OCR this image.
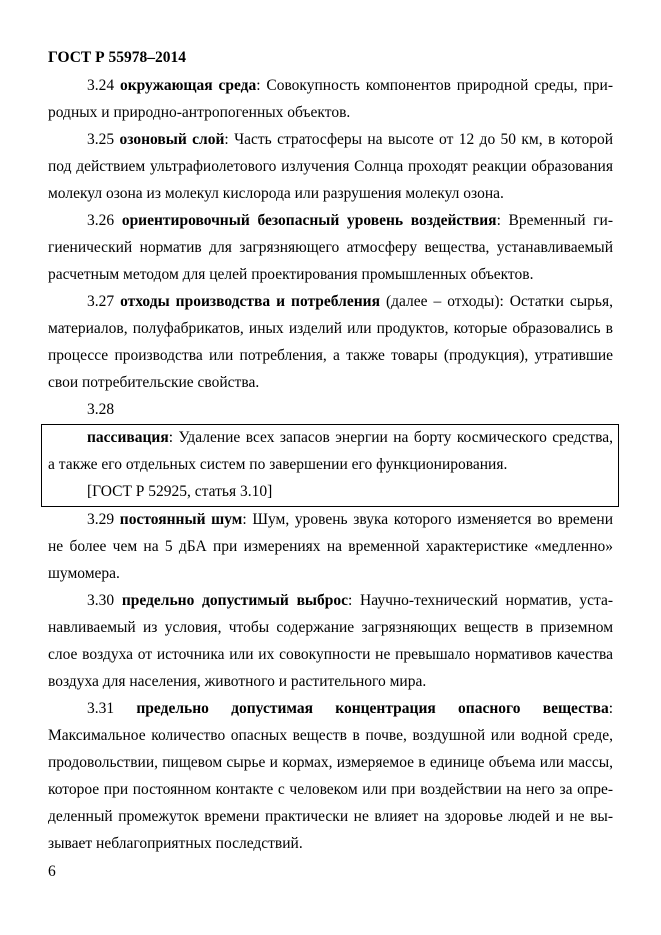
ГОСТ Р 55978–2014
3.24 окружающая среда: Совокупность компонентов природной среды, при-
родных и природно-антропогенных объектов.
3.25 озоновый слой: Часть стратосферы на высоте от 12 до 50 км, в которой
под действием ультрафиолетового излучения Солнца проходят реакции образования
молекул озона из молекул кислорода или разрушения молекул озона.
3.26 ориентировочный безопасный уровень воздействия: Временный ги-
гиенический норматив для загрязняющего атмосферу вещества, устанавливаемый
расчетным методом для целей проектирования промышленных объектов.
3.27 отходы производства и потребления (далее – отходы): Остатки сырья,
материалов, полуфабрикатов, иных изделий или продуктов, которые образовались в
процессе производства или потребления, а также товары (продукция), утратившие
свои потребительские свойства.
3.28
пассивация: Удаление всех запасов энергии на борту космического средства,
а также его отдельных систем по завершении его функционирования.
[ГОСТ Р 52925, статья 3.10]
3.29 постоянный шум: Шум, уровень звука которого изменяется во времени
не более чем на 5 дБА при измерениях на временной характеристике «медленно»
шумомера.
3.30 предельно допустимый выброс: Научно-технический норматив, уста-
навливаемый из условия, чтобы содержание загрязняющих веществ в приземном
слое воздуха от источника или их совокупности не превышало нормативов качества
воздуха для населения, животного и растительного мира.
3.31 предельно допустимая концентрация опасного вещества:
Максимальное количество опасных веществ в почве, воздушной или водной среде,
продовольствии, пищевом сырье и кормах, измеряемое в единице объема или массы,
которое при постоянном контакте с человеком или при воздействии на него за опре-
деленный промежуток времени практически не влияет на здоровье людей и не вы-
зывает неблагоприятных последствий.
6
